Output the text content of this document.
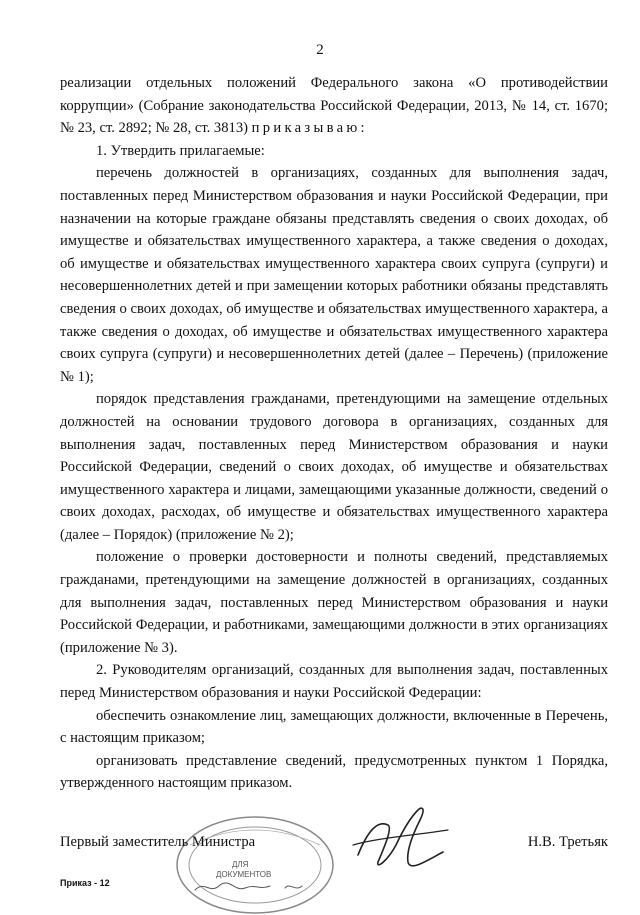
2

реализации отдельных положений Федерального закона «О противодействии коррупции» (Собрание законодательства Российской Федерации, 2013, № 14, ст. 1670; № 23, ст. 2892; № 28, ст. 3813) приказываю:

1. Утвердить прилагаемые:

перечень должностей в организациях, созданных для выполнения задач, поставленных перед Министерством образования и науки Российской Федерации, при назначении на которые граждане обязаны представлять сведения о своих доходах, об имуществе и обязательствах имущественного характера, а также сведения о доходах, об имуществе и обязательствах имущественного характера своих супруга (супруги) и несовершеннолетних детей и при замещении которых работники обязаны представлять сведения о своих доходах, об имуществе и обязательствах имущественного характера, а также сведения о доходах, об имуществе и обязательствах имущественного характера своих супруга (супруги) и несовершеннолетних детей (далее – Перечень) (приложение № 1);

порядок представления гражданами, претендующими на замещение отдельных должностей на основании трудового договора в организациях, созданных для выполнения задач, поставленных перед Министерством образования и науки Российской Федерации, сведений о своих доходах, об имуществе и обязательствах имущественного характера и лицами, замещающими указанные должности, сведений о своих доходах, расходах, об имуществе и обязательствах имущественного характера (далее – Порядок) (приложение № 2);

положение о проверки достоверности и полноты сведений, представляемых гражданами, претендующими на замещение должностей в организациях, созданных для выполнения задач, поставленных перед Министерством образования и науки Российской Федерации, и работниками, замещающими должности в этих организациях (приложение № 3).

2. Руководителям организаций, созданных для выполнения задач, поставленных перед Министерством образования и науки Российской Федерации:

обеспечить ознакомление лиц, замещающих должности, включенные в Перечень, с настоящим приказом;

организовать представление сведений, предусмотренных пунктом 1 Порядка, утвержденного настоящим приказом.

ДЛЯ
ДОКУМЕНТОВ
Первый заместитель Министра	Н.В. Третьяк
Приказ - 12
